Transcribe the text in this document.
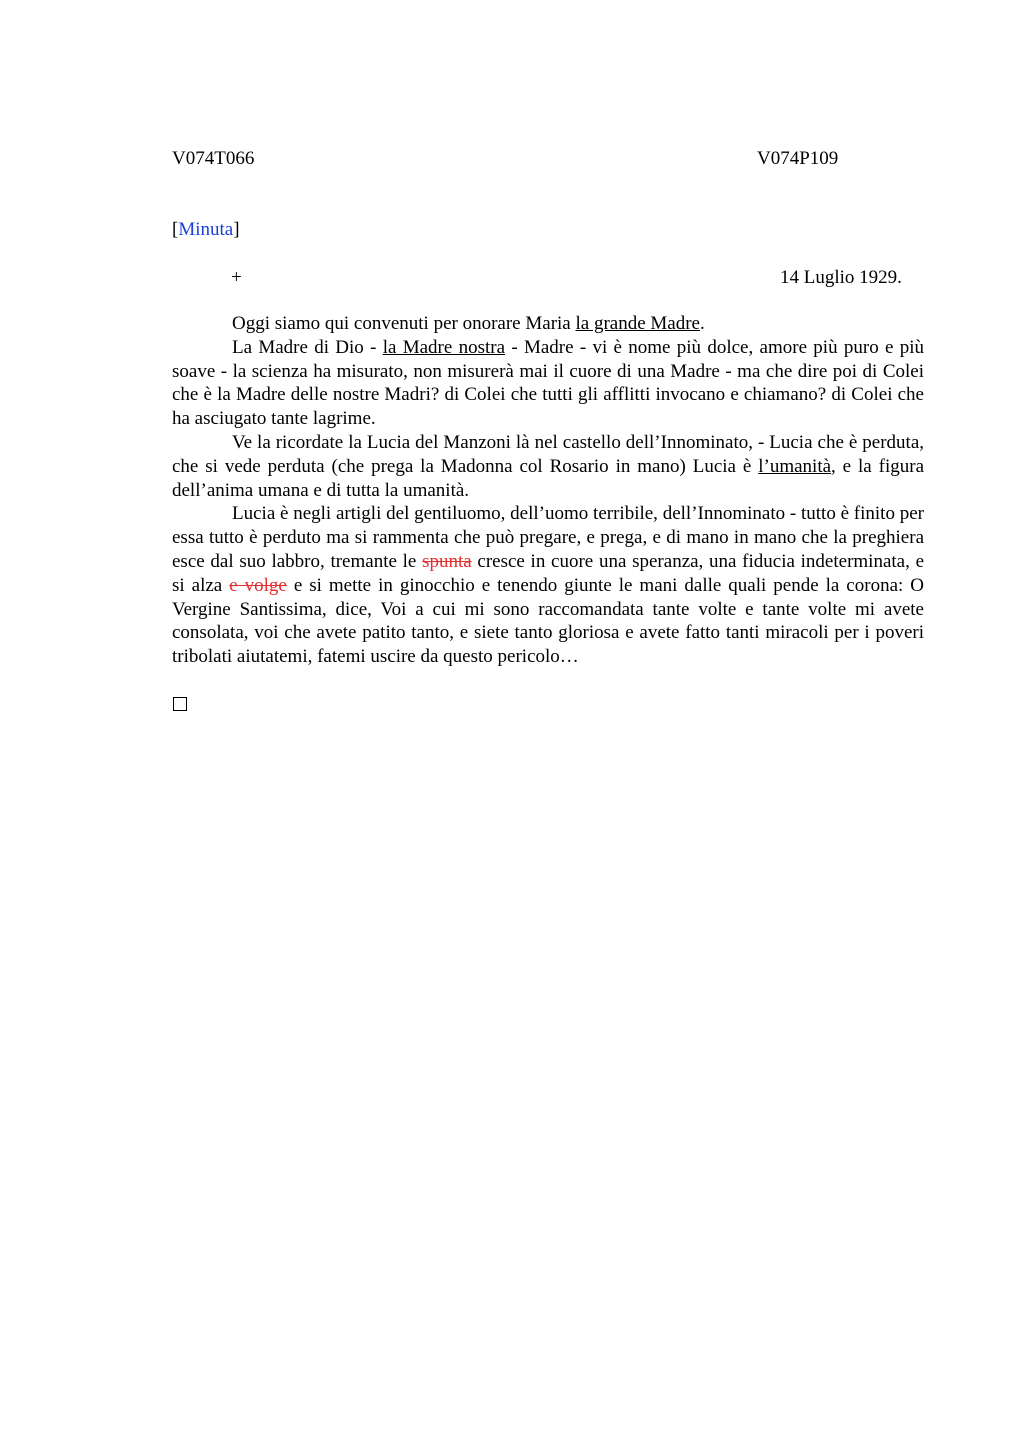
V074T066	V074P109
[Minuta]
+	14 Luglio 1929.

Oggi siamo qui convenuti per onorare Maria la grande Madre.

La Madre di Dio - la Madre nostra - Madre - vi è nome più dolce, amore più puro e più soave - la scienza ha misurato, non misurerà mai il cuore di una Madre - ma che dire poi di Colei che è la Madre delle nostre Madri? di Colei che tutti gli afflitti invocano e chiamano? di Colei che ha asciugato tante lagrime.

Ve la ricordate la Lucia del Manzoni là nel castello dell’Innominato, - Lucia che è perduta, che si vede perduta (che prega la Madonna col Rosario in mano) Lucia è l’umanità, e la figura dell’anima umana e di tutta la umanità.

Lucia è negli artigli del gentiluomo, dell’uomo terribile, dell’Innominato - tutto è finito per essa tutto è perduto ma si rammenta che può pregare, e prega, e di mano in mano che la preghiera esce dal suo labbro, tremante le spunta cresce in cuore una speranza, una fiducia indeterminata, e si alza e volge e si mette in ginocchio e tenendo giunte le mani dalle quali pende la corona: O Vergine Santissima, dice, Voi a cui mi sono raccomandata tante volte e tante volte mi avete consolata, voi che avete patito tanto, e siete tanto gloriosa e avete fatto tanti miracoli per i poveri tribolati aiutatemi, fatemi uscire da questo pericolo…
